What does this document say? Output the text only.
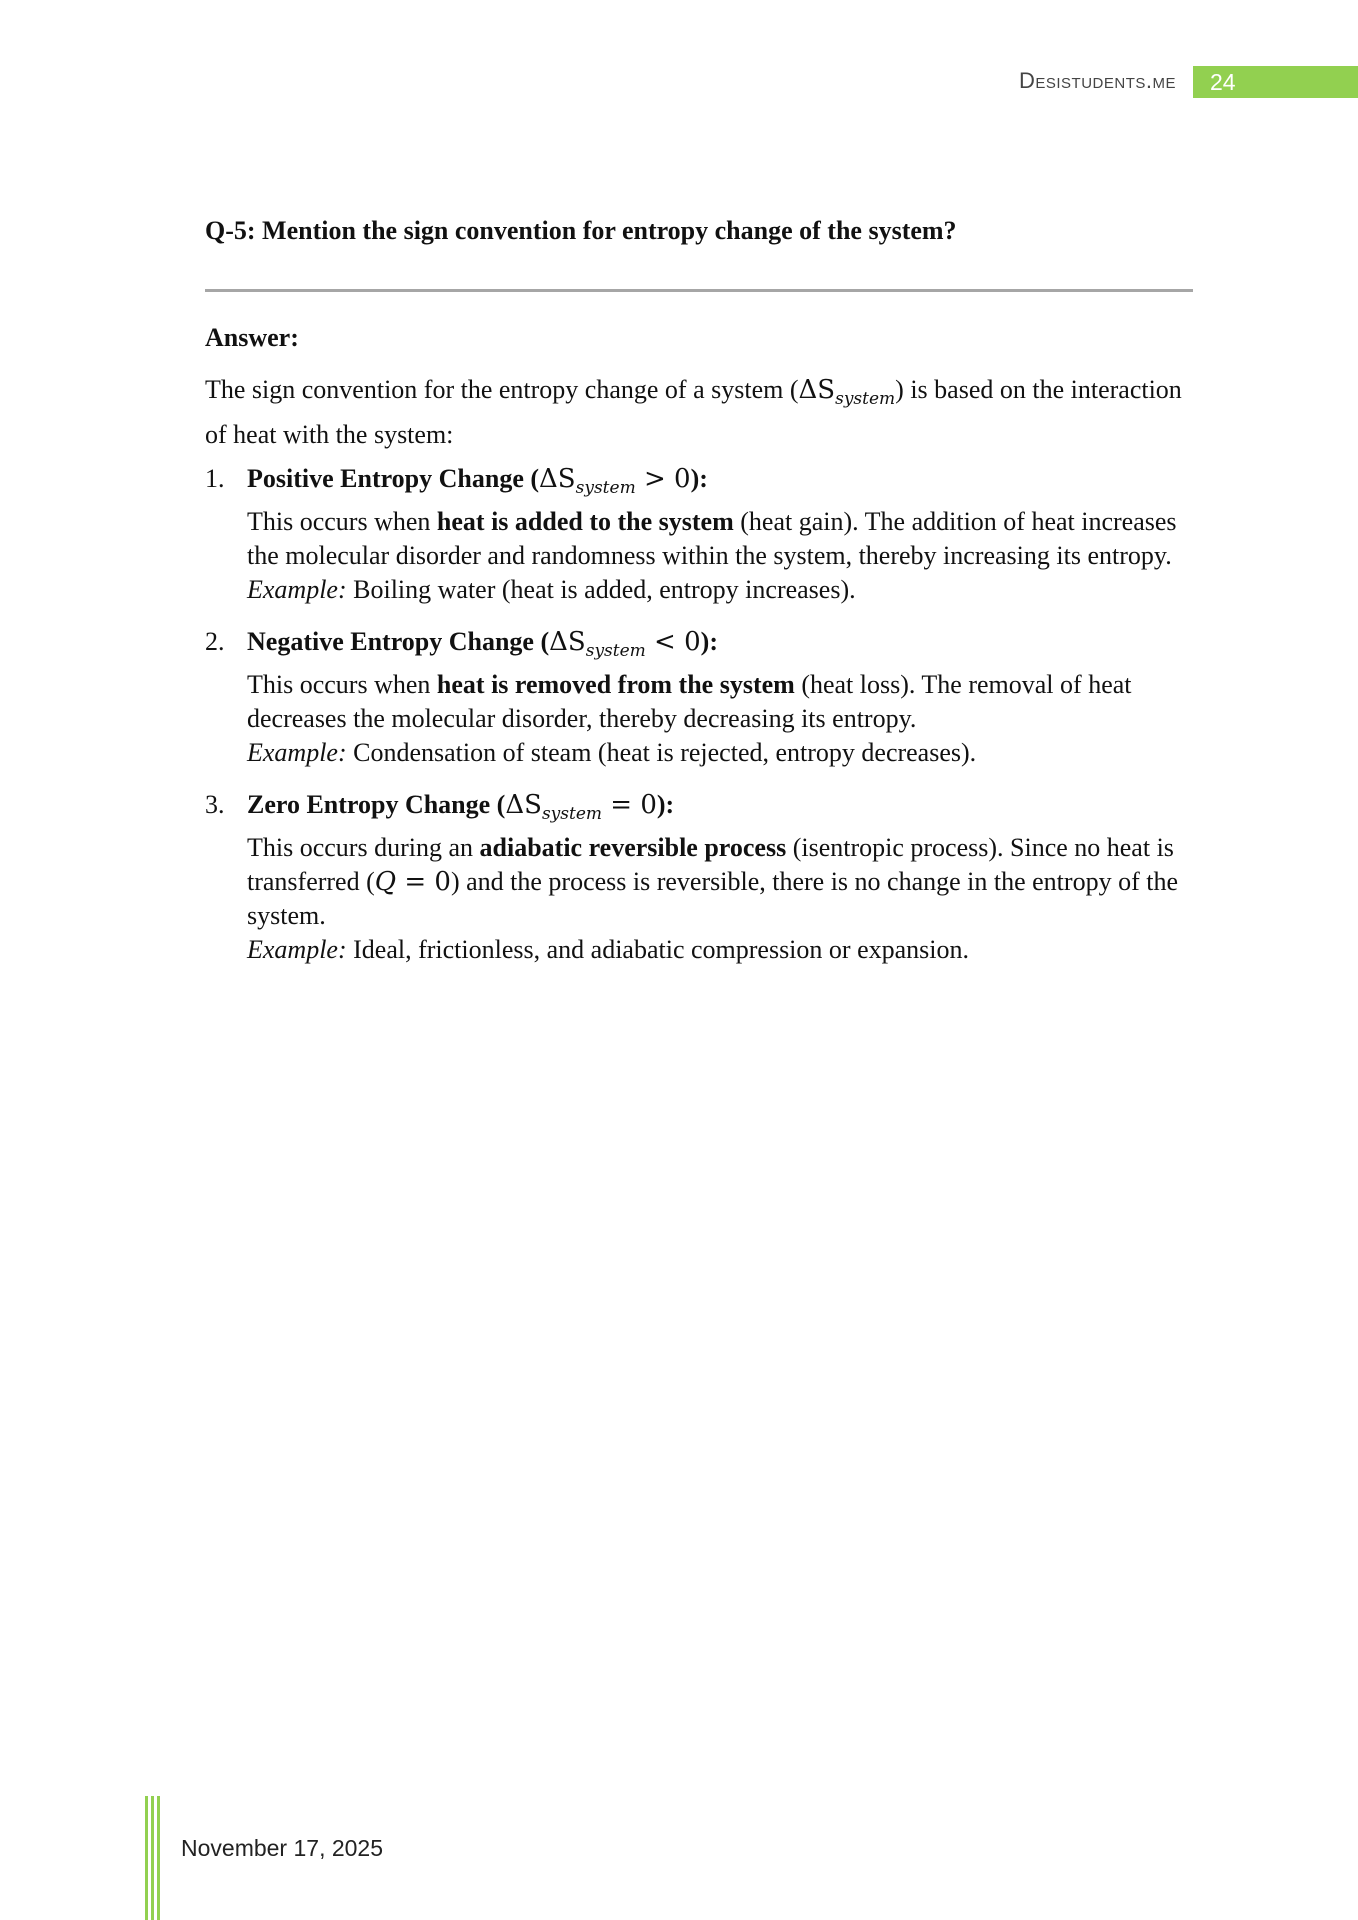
Desistudents.me	24
Q-5: Mention the sign convention for entropy change of the system?
Answer:
The sign convention for the entropy change of a system $(\Delta S_{system})$ is based on the interaction of heat with the system:
1. Positive Entropy Change $(\Delta S_{system} > 0)$:
This occurs when heat is added to the system (heat gain). The addition of heat increases the molecular disorder and randomness within the system, thereby increasing its entropy.
Example: Boiling water (heat is added, entropy increases).
2. Negative Entropy Change $(\Delta S_{system} < 0)$:
This occurs when heat is removed from the system (heat loss). The removal of heat decreases the molecular disorder, thereby decreasing its entropy.
Example: Condensation of steam (heat is rejected, entropy decreases).
3. Zero Entropy Change $(\Delta S_{system} = 0)$:
This occurs during an adiabatic reversible process (isentropic process). Since no heat is transferred (Q = 0) and the process is reversible, there is no change in the entropy of the system.
Example: Ideal, frictionless, and adiabatic compression or expansion.
November 17, 2025
